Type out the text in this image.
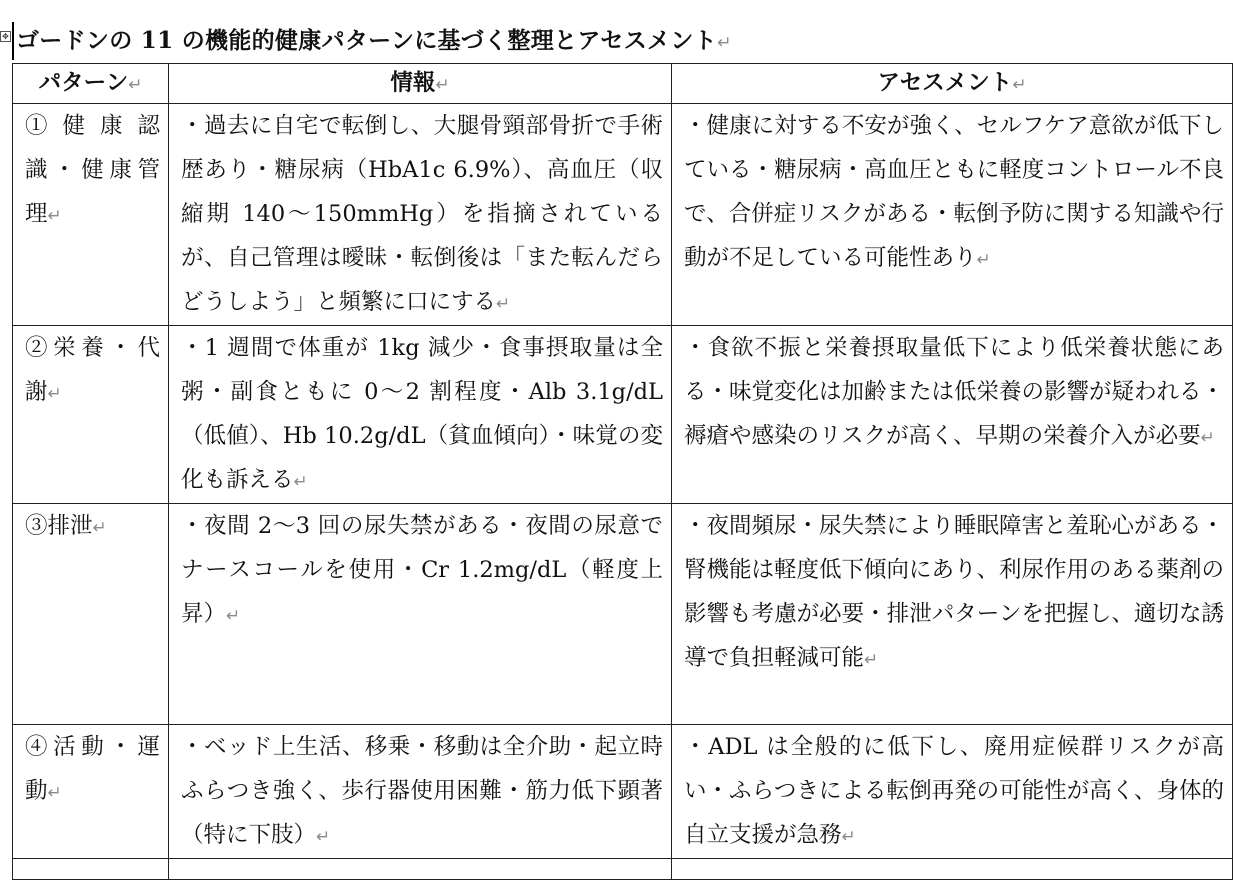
✥ ゴードンの 11 の機能的健康パターンに基づく整理とアセスメント↵
パターン↵	情報↵	アセスメント↵
① 健 康 認 識・健康管 理↵	・過去に自宅で転倒し、大腿骨頸部骨折で手術歴あり・糖尿病（HbA1c 6.9%）、高血圧（収縮期 140〜150mmHg）を指摘されているが、自己管理は曖昧・転倒後は「また転んだらどうしよう」と頻繁に口にする↵	・健康に対する不安が強く、セルフケア意欲が低下している・糖尿病・高血圧ともに軽度コントロール不良で、合併症リスクがある・転倒予防に関する知識や行動が不足している可能性あり↵
②栄養・代 謝↵	・1 週間で体重が 1kg 減少・食事摂取量は全粥・副食ともに 0〜2 割程度・Alb 3.1g/dL（低値）、Hb 10.2g/dL（貧血傾向）・味覚の変化も訴える↵	・食欲不振と栄養摂取量低下により低栄養状態にある・味覚変化は加齢または低栄養の影響が疑われる・褥瘡や感染のリスクが高く、早期の栄養介入が必要↵
③排泄↵	・夜間 2〜3 回の尿失禁がある・夜間の尿意でナースコールを使用・Cr 1.2mg/dL（軽度上昇）↵	・夜間頻尿・尿失禁により睡眠障害と羞恥心がある・腎機能は軽度低下傾向にあり、利尿作用のある薬剤の影響も考慮が必要・排泄パターンを把握し、適切な誘導で負担軽減可能↵
④活動・運 動↵	・ベッド上生活、移乗・移動は全介助・起立時ふらつき強く、歩行器使用困難・筋力低下顕著（特に下肢）↵	・ADL は全般的に低下し、廃用症候群リスクが高い・ふらつきによる転倒再発の可能性が高く、身体的自立支援が急務↵
